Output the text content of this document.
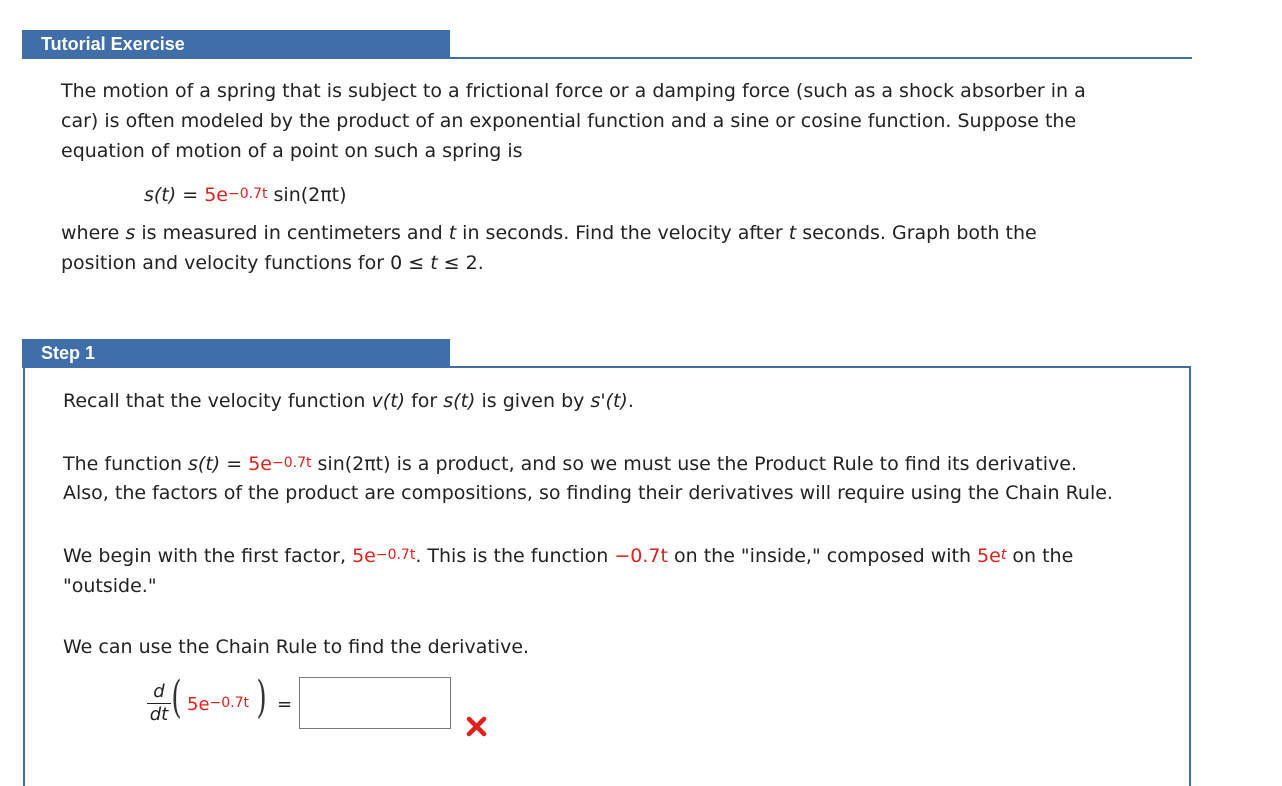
Tutorial Exercise

The motion of a spring that is subject to a frictional force or a damping force (such as a shock absorber in a

car) is often modeled by the product of an exponential function and a sine or cosine function. Suppose the

equation of motion of a point on such a spring is

$s(t) = 5e^{-0.7t}$ sin(2πt)

where s is measured in centimeters and t in seconds. Find the velocity after t seconds. Graph both the

position and velocity functions for 0 ≤ t ≤ 2.

Step 1

Recall that the velocity function v(t) for s(t) is given by s'(t).

The function $s(t) = 5e^{-0.7t}$ sin(2πt) is a product, and so we must use the Product Rule to find its derivative.

Also, the factors of the product are compositions, so finding their derivatives will require using the Chain Rule.

We begin with the first factor, $5e^{-0.7t}$. This is the function −0.7t on the "inside," composed with $5e^t$ on the

"outside."

We can use the Chain Rule to find the derivative.

d
dt ( $5e^{-0.7t}$ ) =
